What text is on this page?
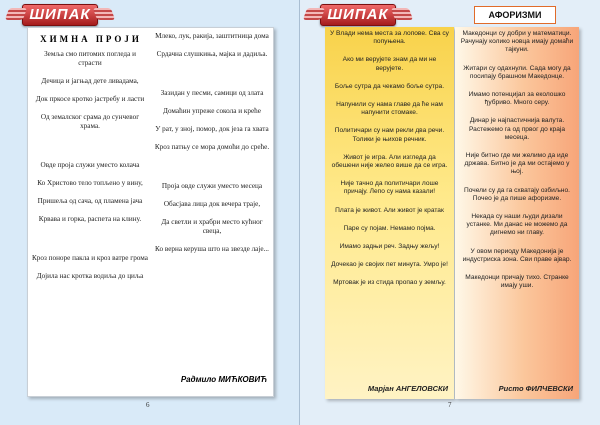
ШИПАК
ХИМНА ПРОЈИ
Земља смо питомих погледа и страсти
Дечица и јагњад дете ливадама,
Док пркосе кротко јастребу и ласти
Од земалског срама до сунчевог храма.
Овде проја служи уместо колача
Ко Христово тело топљено у вину,
Пришеља од сача, од пламена јача
Крвава и горка, распета на клину.
Кроз понорe пакла и кроз ватре грома
Дојила нас кротка водиља до циља
Млеко, лук, ракија, заштитница дома
Срдачна слушкиња, мајка и дадиља.
Зазидан у песми, самици од злата
Домаћин упреже сокола и креће
У рат, у зној, помор, док језа га хвата
Кроз патњу се мора домоћи до среће.
Проја овде служи уместо месеца
Обасјава лица док вечера траје,
Да светли и храбри место кућног свеца,
Ко верна керуша што на звезде лаје...
Радмило МИЋКОВИЋ
6
ШИПАК	АФОРИЗМИ
У Влади нема места за лопове. Сва су попуњена.
Ако ми верујете знам да ми не верујете.
Боље сутра да чекамо боље сутра.
Напунили су нама главе да ће нам напунити стомаке.
Политичари су нам рекли два речи. Толики је њихов речник.
Живот је игра. Али изгледа да обешени није желео више да се игра.
Није тачно да политичари лоше причају. Лепо су нама казали!
Плата је живот. Али живот је кратак
Паре су појам. Немамо појма.
Имамо задњи реч. Задњу жељу!
Дочекао је својих пет минута. Умро је!
Мртовак је из стида пропао у земљу.
Марјан АНГЕЛОВСКИ
Македонци су добри у математици. Рачунају колико новца имају домаћи тајкуни.
Житари су одахнули. Сада могу да посипају брашном Македонце.
Имамо потенцијал за еколошко ђубриво. Много серу.
Динар је најпастичнија валута. Растежемо га од првог до краја месеца.
Није битно где ми желимо да иде држава. Битно је да ми остајемо у њој.
Почели су да га схватају озбиљно. Почео је да пише афоризме.
Некада су наши људи дизали устанке. Ми данас не можемо да дигнемо ни главу.
У овом периоду Македонија је индустриска зона. Сви праве ајвар.
Македонци причају тихо. Странке имају уши.
Ристо ФИЛЧЕВСКИ
7
